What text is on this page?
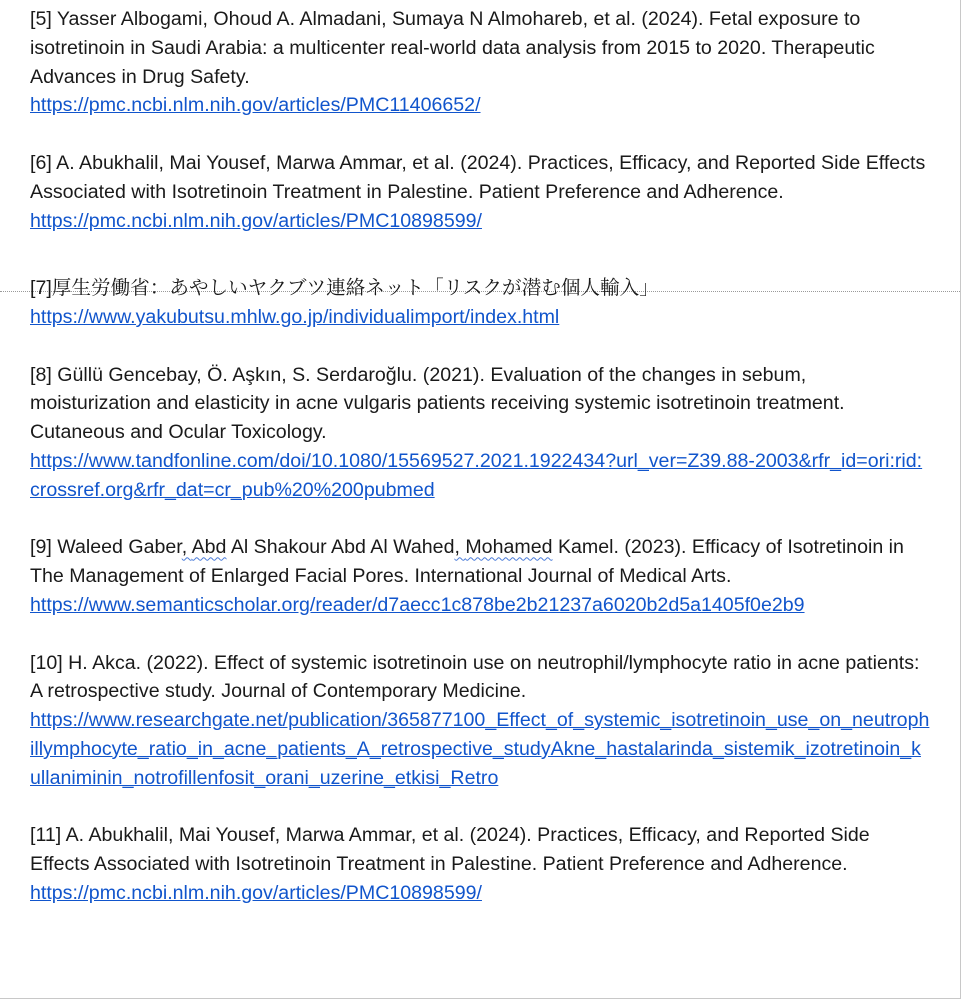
[5] Yasser Albogami, Ohoud A. Almadani, Sumaya N Almohareb, et al. (2024). Fetal exposure to isotretinoin in Saudi Arabia: a multicenter real-world data analysis from 2015 to 2020. Therapeutic Advances in Drug Safety.
https://pmc.ncbi.nlm.nih.gov/articles/PMC11406652/
[6] A. Abukhalil, Mai Yousef, Marwa Ammar, et al. (2024). Practices, Efficacy, and Reported Side Effects Associated with Isotretinoin Treatment in Palestine. Patient Preference and Adherence.
https://pmc.ncbi.nlm.nih.gov/articles/PMC10898599/
[7]厚生労働省：あやしいヤクブツ連絡ネット「リスクが潜む個人輸入」
https://www.yakubutsu.mhlw.go.jp/individualimport/index.html
[8] Güllü Gencebay, Ö. Aşkın, S. Serdaroğlu. (2021). Evaluation of the changes in sebum, moisturization and elasticity in acne vulgaris patients receiving systemic isotretinoin treatment. Cutaneous and Ocular Toxicology.
https://www.tandfonline.com/doi/10.1080/15569527.2021.1922434?url_ver=Z39.88-2003&rfr_id=ori:rid:crossref.org&rfr_dat=cr_pub%20%200pubmed
[9] Waleed Gaber, Abd Al Shakour Abd Al Wahed, Mohamed Kamel. (2023). Efficacy of Isotretinoin in The Management of Enlarged Facial Pores. International Journal of Medical Arts.
https://www.semanticscholar.org/reader/d7aecc1c878be2b21237a6020b2d5a1405f0e2b9
[10] H. Akca. (2022). Effect of systemic isotretinoin use on neutrophil/lymphocyte ratio in acne patients: A retrospective study. Journal of Contemporary Medicine.
https://www.researchgate.net/publication/365877100_Effect_of_systemic_isotretinoin_use_on_neutrophillymphocyte_ratio_in_acne_patients_A_retrospective_studyAkne_hastalarinda_sistemik_izotretinoin_kullaniminin_notrofillenfosit_orani_uzerine_etkisi_Retro
[11] A. Abukhalil, Mai Yousef, Marwa Ammar, et al. (2024). Practices, Efficacy, and Reported Side Effects Associated with Isotretinoin Treatment in Palestine. Patient Preference and Adherence.
https://pmc.ncbi.nlm.nih.gov/articles/PMC10898599/
